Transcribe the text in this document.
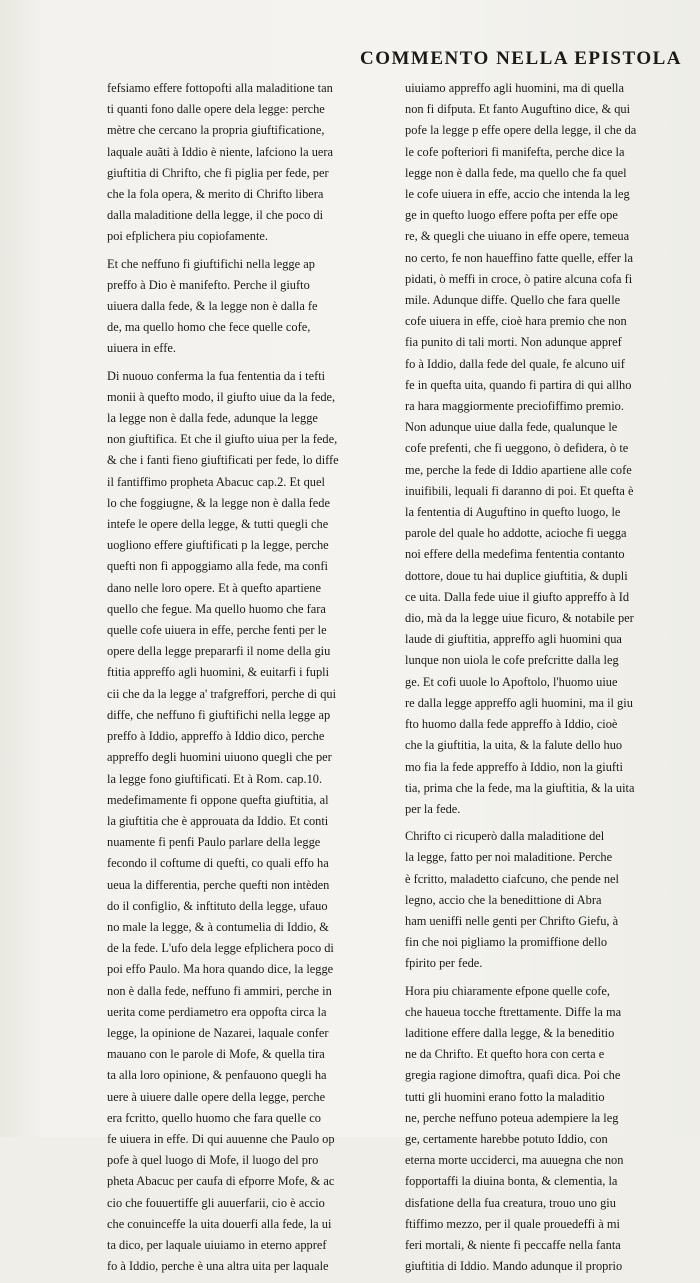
COMMENTO NELLA EPISTOLA

fefsiamo effere fottopofti alla maladitione tan
ti quanti fono dalle opere dela legge: perche
mètre che cercano la propria giuftificatione,
laquale auãti à Iddio è niente, lafciono la uera
giuftitia di Chrifto, che fi piglia per fede, per
che la fola opera, & merito di Chrifto libera
dalla maladitione della legge, il che poco di
poi efplichera piu copiofamente.

Et che neffuno fi giuftifichi nella legge ap
preffo à Dio è manifefto. Perche il giufto
uiuera dalla fede, & la legge non è dalla fe
de, ma quello homo che fece quelle cofe,
uiuera in effe.

Di nuouo conferma la fua fententia da i tefti
monii à quefto modo, il giufto uiue da la fede,
la legge non è dalla fede, adunque la legge
non giuftifica. Et che il giufto uiua per la fede,
& che i fanti fieno giuftificati per fede, lo diffe
il fantiffimo propheta Abacuc cap.2. Et quel
lo che foggiugne, & la legge non è dalla fede
intefe le opere della legge, & tutti quegli che
uogliono effere giuftificati p la legge, perche
quefti non fi appoggiamo alla fede, ma confi
dano nelle loro opere. Et à quefto apartiene
quello che fegue. Ma quello huomo che fara
quelle cofe uiuera in effe, perche fenti per le
opere della legge prepararfi il nome della giu
ftitia appreffo agli huomini, & euitarfi i fupli
cii che da la legge a' trafgreffori, perche di qui
diffe, che neffuno fi giuftifichi nella legge ap
preffo à Iddio, appreffo à Iddio dico, perche
appreffo degli huomini uiuono quegli che per
la legge fono giuftificati. Et à Rom. cap.10.
medefimamente fi oppone quefta giuftitia, al
la giuftitia che è approuata da Iddio. Et conti
nuamente fi penfi Paulo parlare della legge
fecondo il coftume di quefti, co quali effo ha
ueua la differentia, perche quefti non intèden
do il configlio, & inftituto della legge, ufauo
no male la legge, & à contumelia di Iddio, &
de la fede. L'ufo dela legge efplichera poco di
poi effo Paulo. Ma hora quando dice, la legge
non è dalla fede, neffuno fi ammiri, perche in
uerita come perdiametro era oppofta circa la
legge, la opinione de Nazarei, laquale confer
mauano con le parole di Mofe, & quella tira
ta alla loro opinione, & penfauono quegli ha
uere à uiuere dalle opere della legge, perche
era fcritto, quello huomo che fara quelle co
fe uiuera in effe. Di qui auuenne che Paulo op
pofe à quel luogo di Mofe, il luogo del pro
pheta Abacuc per caufa di efporre Mofe, & ac
cio che fouuertiffe gli auuerfarii, cio è accio
che conuinceffe la uita douerfi alla fede, la ui
ta dico, per laquale uiuiamo in eterno appref
fo à Iddio, perche è una altra uita per laquale

uiuiamo appreffo agli huomini, ma di quella
non fi difputa. Et fanto Auguftino dice, & qui
pofe la legge p effe opere della legge, il che da
le cofe pofteriori fi manifefta, perche dice la
legge non è dalla fede, ma quello che fa quel
le cofe uiuera in effe, accio che intenda la leg
ge in quefto luogo effere pofta per effe ope
re, & quegli che uiuano in effe opere, temeua
no certo, fe non haueffino fatte quelle, effer la
pidati, ò meffi in croce, ò patire alcuna cofa fi
mile. Adunque diffe. Quello che fara quelle
cofe uiuera in effe, cioè hara premio che non
fia punito di tali morti. Non adunque appref
fo à Iddio, dalla fede del quale, fe alcuno uif
fe in quefta uita, quando fi partira di qui allho
ra hara maggiormente preciofiffimo premio.
Non adunque uiue dalla fede, qualunque le
cofe prefenti, che fi ueggono, ò defidera, ò te
me, perche la fede di Iddio apartiene alle cofe
inuifibili, lequali fi daranno di poi. Et quefta è
la fententia di Auguftino in quefto luogo, le
parole del quale ho addotte, acioche fi uegga
noi effere della medefima fententia contanto
dottore, doue tu hai duplice giuftitia, & dupli
ce uita. Dalla fede uiue il giufto appreffo à Id
dio, mà da la legge uiue ficuro, & notabile per
laude di giuftitia, appreffo agli huomini qua
lunque non uiola le cofe prefcritte dalla leg
ge. Et cofi uuole lo Apoftolo, l'huomo uiue
re dalla legge appreffo agli huomini, ma il giu
fto huomo dalla fede appreffo à Iddio, cioè
che la giuftitia, la uita, & la falute dello huo
mo fia la fede appreffo à Iddio, non la giufti
tia, prima che la fede, ma la giuftitia, & la uita
per la fede.

Chrifto ci ricuperò dalla maladitione del
la legge, fatto per noi maladitione. Perche
è fcritto, maladetto ciafcuno, che pende nel
legno, accio che la benedittione di Abra
ham ueniffi nelle genti per Chrifto Giefu, à
fin che noi pigliamo la promiffione dello
fpirito per fede.

Hora piu chiaramente efpone quelle cofe,
che haueua tocche ftrettamente. Diffe la ma
laditione effere dalla legge, & la beneditio
ne da Chrifto. Et quefto hora con certa e
gregia ragione dimoftra, quafi dica. Poi che
tutti gli huomini erano fotto la maladitio
ne, perche neffuno poteua adempiere la leg
ge, certamente harebbe potuto Iddio, con
eterna morte ucciderci, ma auuegna che non
fopportaffi la diuina bonta, & clementia, la
disfatione della fua creatura, trouo uno giu
ftiffimo mezzo, per il quale prouedeffi à mi
feri mortali, & niente fi peccaffe nella fanta
giuftitia di Iddio. Mando adunque il proprio
